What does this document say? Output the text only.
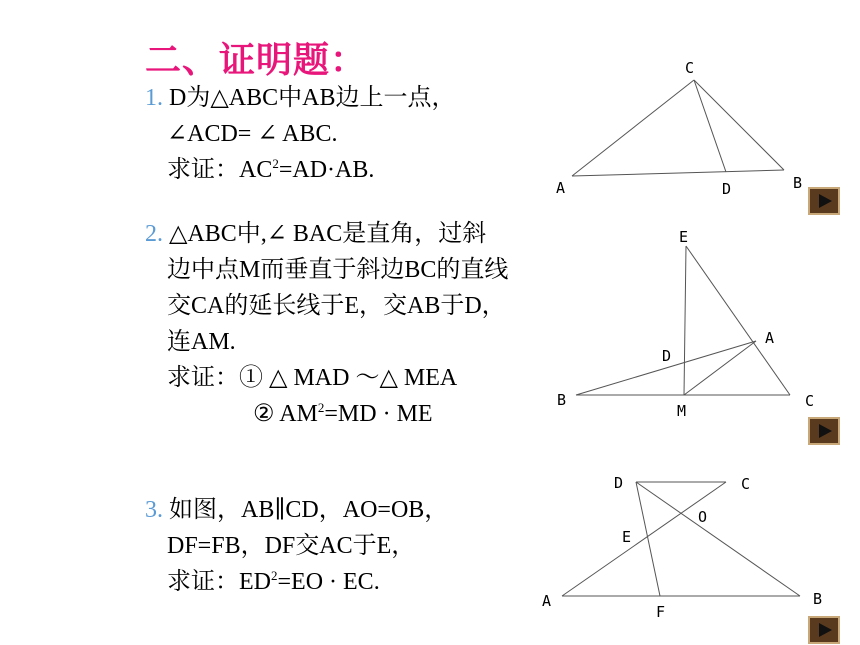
二、证明题：
1. D为△ABC中AB边上一点，
∠ACD= ∠ ABC.
求证：$AC^2=AD\cdot AB$.
2. △ABC中,∠ BAC是直角，过斜
边中点M而垂直于斜边BC的直线
交CA的延长线于E，交AB于D，
连AM.
求证：① △ MAD ～△ MEA
② $AM^2=MD$ · ME
3. 如图，AB∥CD，AO=OB，
DF=FB，DF交AC于E，
求证：$ED^2=EO$ · EC.
C
A	D	B
E
A
D
B
M
C
D	C
O
E
A
F
B
